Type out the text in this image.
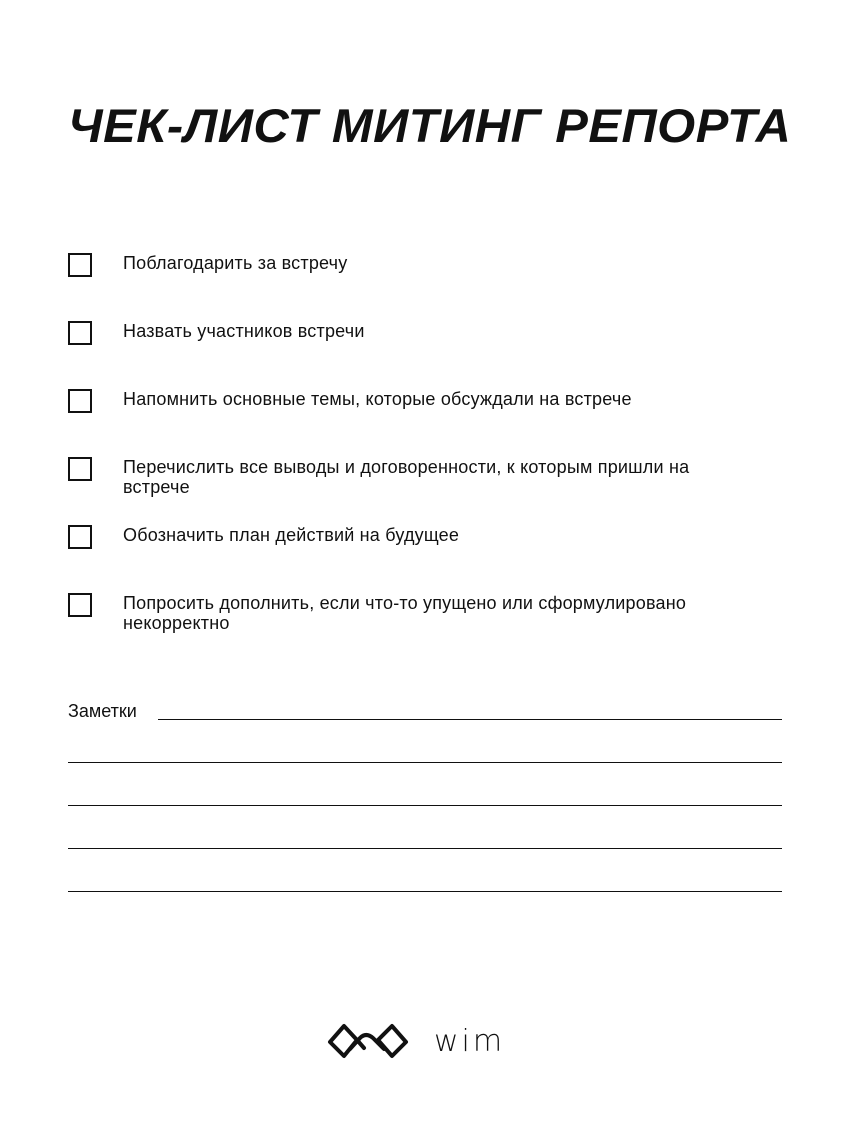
ЧЕК-ЛИСТ МИТИНГ РЕПОРТА
Поблагодарить за встречу
Назвать участников встречи
Напомнить основные темы, которые обсуждали на встрече
Перечислить все выводы и договоренности, к которым пришли на встрече
Обозначить план действий на будущее
Попросить дополнить, если что-то упущено или сформулировано некорректно
Заметки
wim
